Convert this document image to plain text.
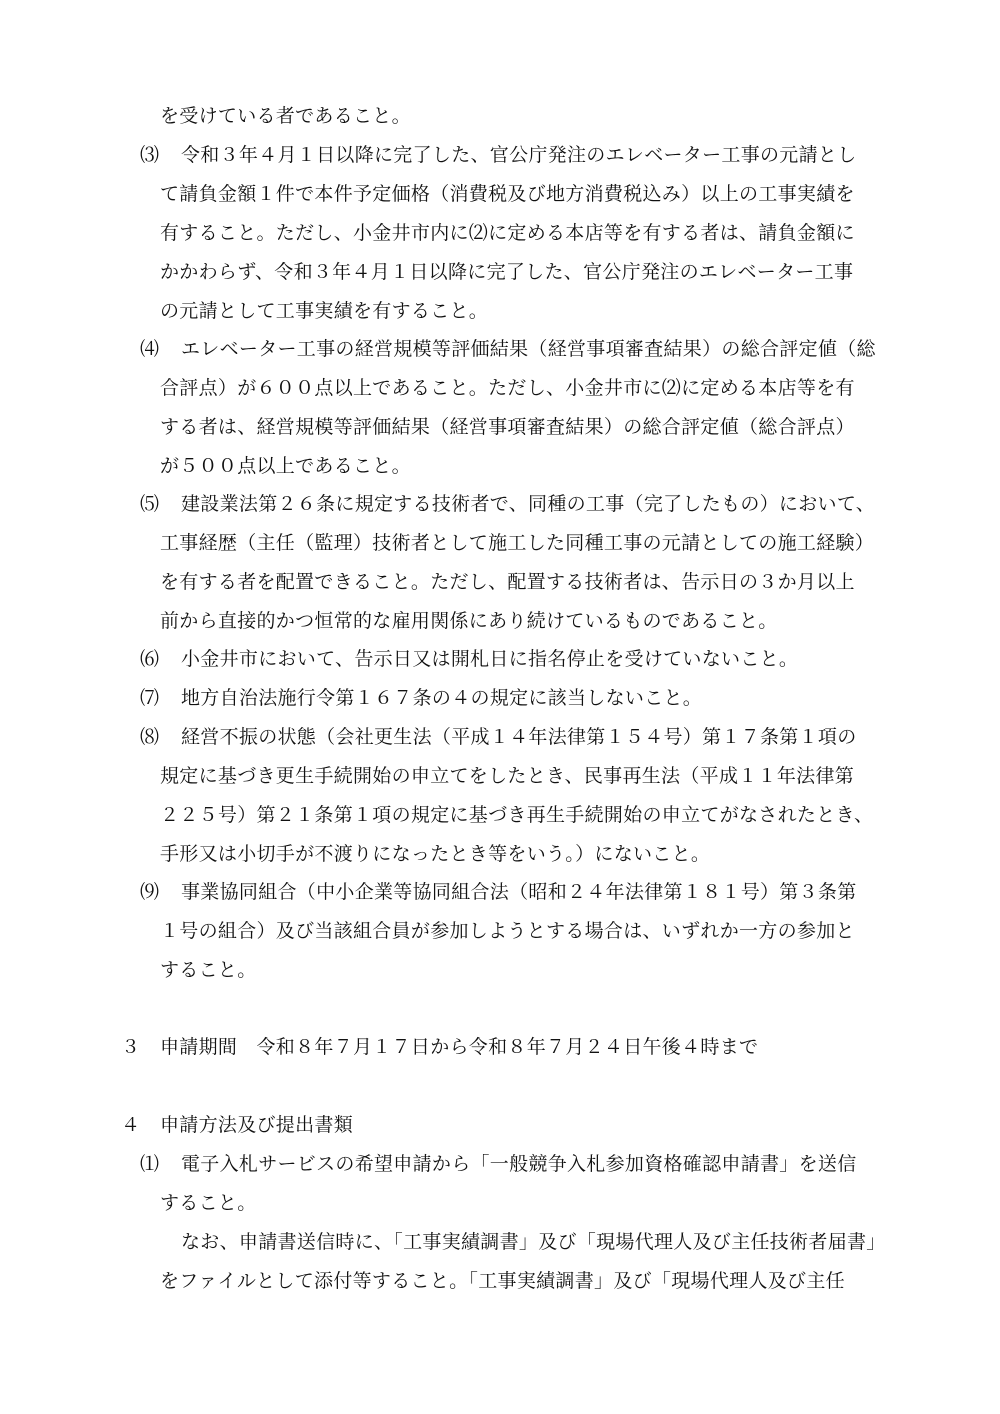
⑶
⑷
⑸
⑹
⑺
⑻
⑼
３
４
⑴
を受けている者であること。
令和３年４月１日以降に完了した、官公庁発注のエレベーター工事の元請とし
て請負金額１件で本件予定価格（消費税及び地方消費税込み）以上の工事実績を
有すること。ただし、小金井市内に⑵に定める本店等を有する者は、請負金額に
かかわらず、令和３年４月１日以降に完了した、官公庁発注のエレベーター工事
の元請として工事実績を有すること。
エレベーター工事の経営規模等評価結果（経営事項審査結果）の総合評定値（総
合評点）が６００点以上であること。ただし、小金井市に⑵に定める本店等を有
する者は、経営規模等評価結果（経営事項審査結果）の総合評定値（総合評点）
が５００点以上であること。
建設業法第２６条に規定する技術者で、同種の工事（完了したもの）において、
工事経歴（主任（監理）技術者として施工した同種工事の元請としての施工経験）
を有する者を配置できること。ただし、配置する技術者は、告示日の３か月以上
前から直接的かつ恒常的な雇用関係にあり続けているものであること。
小金井市において、告示日又は開札日に指名停止を受けていないこと。
地方自治法施行令第１６７条の４の規定に該当しないこと。
経営不振の状態（会社更生法（平成１４年法律第１５４号）第１７条第１項の
規定に基づき更生手続開始の申立てをしたとき、民事再生法（平成１１年法律第
２２５号）第２１条第１項の規定に基づき再生手続開始の申立てがなされたとき、
手形又は小切手が不渡りになったとき等をいう。）にないこと。
事業協同組合（中小企業等協同組合法（昭和２４年法律第１８１号）第３条第
１号の組合）及び当該組合員が参加しようとする場合は、いずれか一方の参加と
すること。
申請期間　令和８年７月１７日から令和８年７月２４日午後４時まで
申請方法及び提出書類
電子入札サービスの希望申請から「一般競争入札参加資格確認申請書」を送信
すること。
なお、申請書送信時に、「工事実績調書」及び「現場代理人及び主任技術者届書」
をファイルとして添付等すること。「工事実績調書」及び「現場代理人及び主任
